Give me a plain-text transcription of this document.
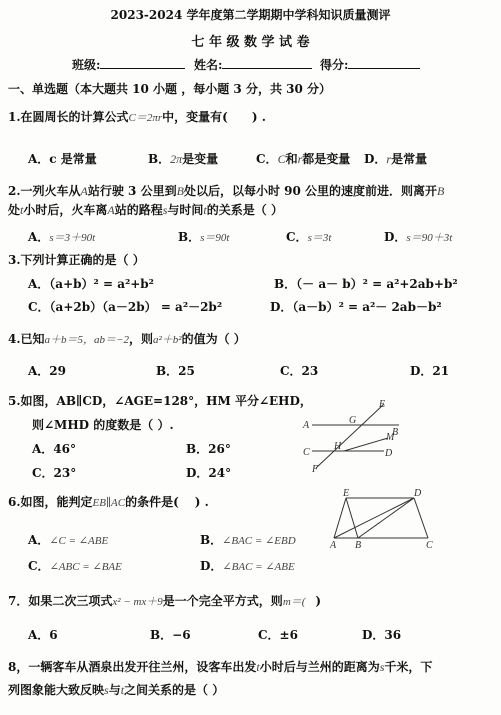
2023-2024 学年度第二学期期中学科知识质量测评
七 年 级 数 学 试 卷
班级:	姓名:	得分:
一、单选题（本大题共 10 小题 ，每小题 3 分，共 30 分）
1.在圆周长的计算公式C＝2πr中，变量有( ) .
A．c 是常量	B．2π是变量	C．C和r都是变量 D．r是常量
2.一列火车从A站行驶 3 公里到B处以后，以每小时 90 公里的速度前进．则离开B
处t小时后，火车离A站的路程s与时间t的关系是（ ）
A．s＝3＋90t	B．s＝90t	C．s＝3t	D．s＝90＋3t
3.下列计算正确的是（ ）
A．（a+b）² = a²+b²	B．（－ a－ b）² = a²+2ab+b²
C．（a+2b）（a－2b） = a²－2b²	D．（a－b）² = a²－ 2ab－b²
4.已知a＋b＝5，ab＝−2，则a²＋b²的值为（ ）
A．29	B．25	C．23	D．21
5.如图，AB∥CD，∠AGE=128°，HM 平分∠EHD，
则∠MHD 的度数是（ ）.
A．46°	B．26°
C．23°	D．24°
E
G
A
B
M
C
H
D
F
6.如图，能判定EB∥AC的条件是( ) .
A．∠C = ∠ABE	B．∠BAC = ∠EBD
C．∠ABC = ∠BAE	D．∠BAC = ∠ABE
E
A
D
B	C
7．如果二次三项式x² − mx＋9是一个完全平方式，则m＝( )
A．6	B．−6	C．±6	D．36
8，一辆客车从酒泉出发开往兰州，设客车出发t小时后与兰州的距离为s千米，下
列图象能大致反映s与t之间关系的是（ ）
